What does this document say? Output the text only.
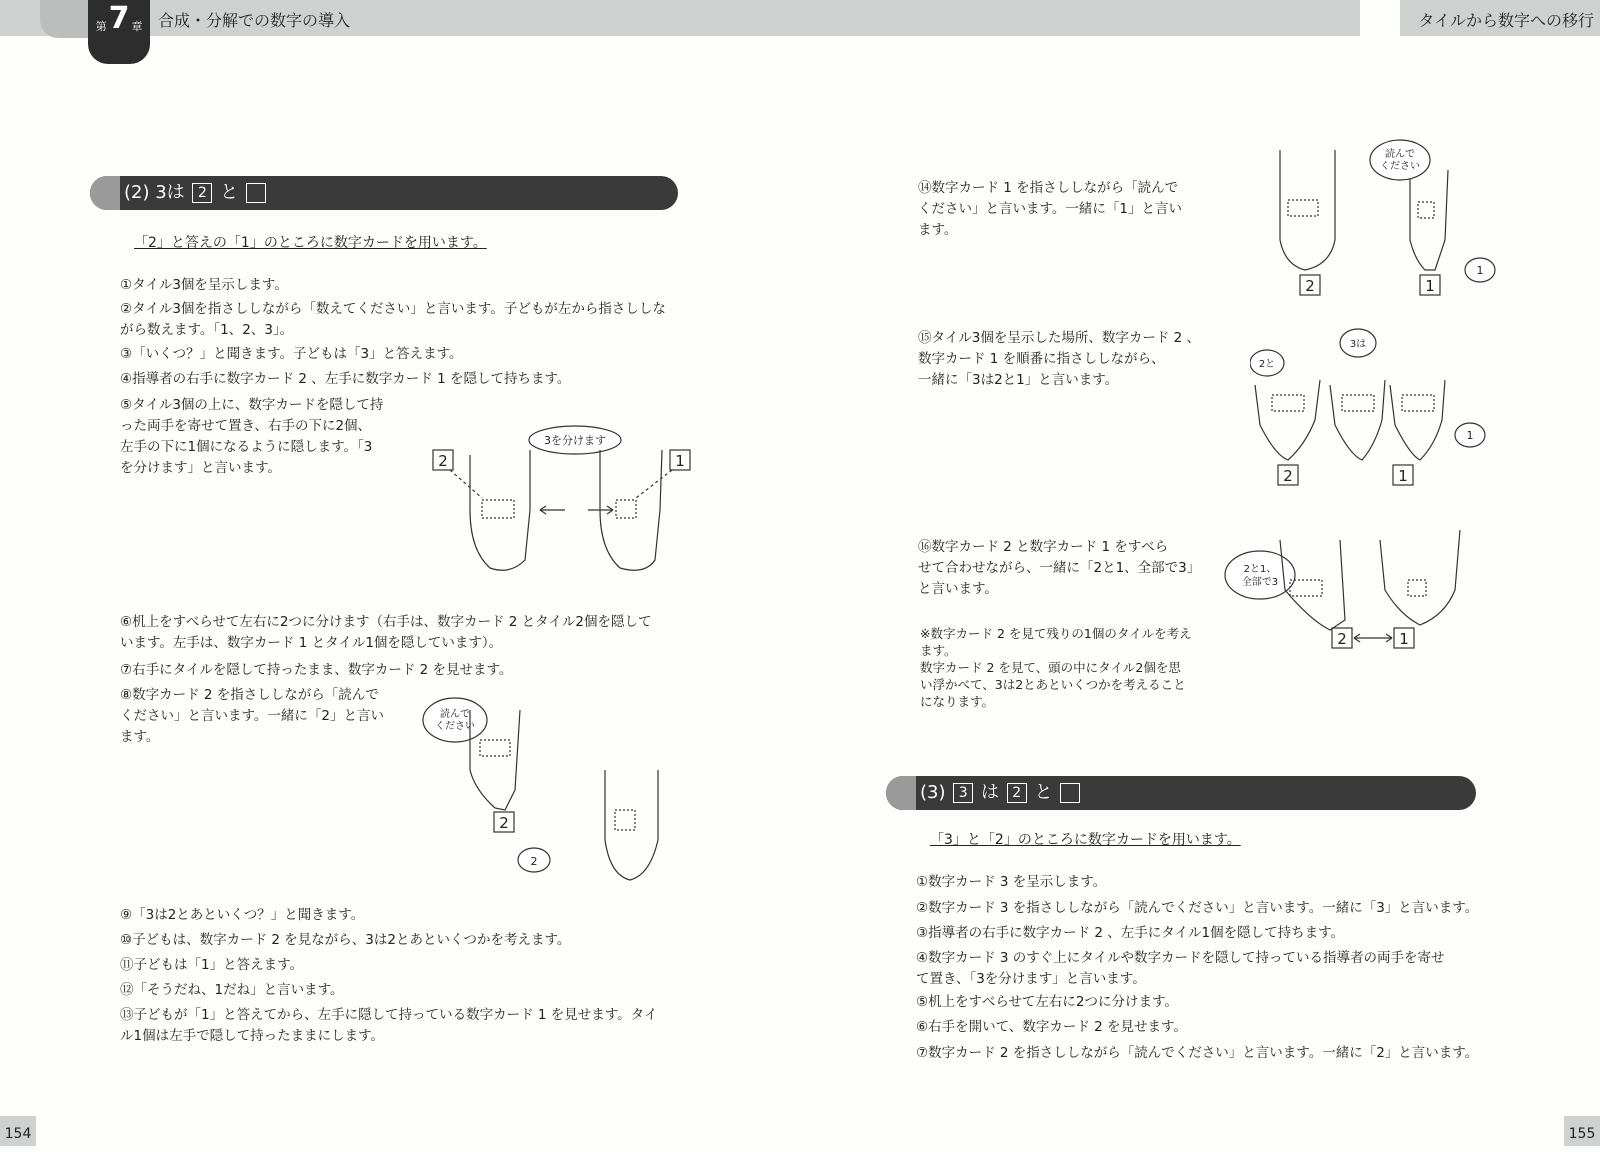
第 7 章 合成・分解での数字の導入	タイルから数字への移行
(2) 3は 2 と
「2」と答えの「1」のところに数字カードを用います。
①タイル3個を呈示します。
②タイル3個を指さししながら「数えてください」と言います。子どもが左から指さししな
がら数えます。「1、2、3」。
③「いくつ？」と聞きます。子どもは「3」と答えます。
④指導者の右手に数字カード 2 、左手に数字カード 1 を隠して持ちます。
⑤タイル3個の上に、数字カードを隠して持
った両手を寄せて置き、右手の下に2個、
左手の下に1個になるように隠します。「3
を分けます」と言います。
⑥机上をすべらせて左右に2つに分けます（右手は、数字カード 2 とタイル2個を隠して
います。左手は、数字カード 1 とタイル1個を隠しています）。
⑦右手にタイルを隠して持ったまま、数字カード 2 を見せます。
⑧数字カード 2 を指さししながら「読んで
ください」と言います。一緒に「2」と言い
ます。
⑨「3は2とあといくつ？」と聞きます。
⑩子どもは、数字カード 2 を見ながら、3は2とあといくつかを考えます。
⑪子どもは「1」と答えます。
⑫「そうだね、1だね」と言います。
⑬子どもが「1」と答えてから、左手に隠して持っている数字カード 1 を見せます。タイ
ル1個は左手で隠して持ったままにします。
3を分けます
2	1
読んで
ください
2
2
154
⑭数字カード 1 を指さししながら「読んで
ください」と言います。一緒に「1」と言い
ます。
⑮タイル3個を呈示した場所、数字カード 2 、
数字カード 1 を順番に指さししながら、
一緒に「3は2と1」と言います。
⑯数字カード 2 と数字カード 1 をすべら
せて合わせながら、一緒に「2と1、全部で3」
と言います。
※数字カード 2 を見て残りの1個のタイルを考え
ます。
数字カード 2 を見て、頭の中にタイル2個を思
い浮かべて、3は2とあといくつかを考えること
になります。
読んで
ください
2	1
1
3は
2と
2	1
1
2と1、
全部で3
2	1
(3) 3 は 2 と
「3」と「2」のところに数字カードを用います。
①数字カード 3 を呈示します。
②数字カード 3 を指さししながら「読んでください」と言います。一緒に「3」と言います。
③指導者の右手に数字カード 2 、左手にタイル1個を隠して持ちます。
④数字カード 3 のすぐ上にタイルや数字カードを隠して持っている指導者の両手を寄せ
て置き、「3を分けます」と言います。
⑤机上をすべらせて左右に2つに分けます。
⑥右手を開いて、数字カード 2 を見せます。
⑦数字カード 2 を指さししながら「読んでください」と言います。一緒に「2」と言います。
155
